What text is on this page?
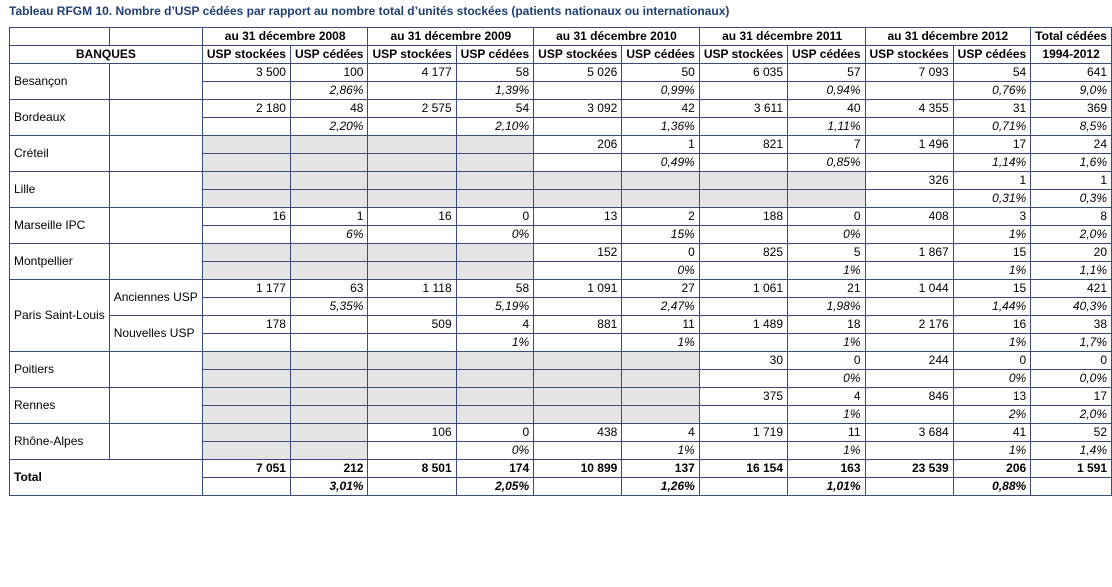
Tableau RFGM 10. Nombre d’USP cédées par rapport au nombre total d’unités stockées (patients nationaux ou internationaux)
		au 31 décembre 2008		au 31 décembre 2009		au 31 décembre 2010		au 31 décembre 2011		au 31 décembre 2012		Total cédées
BANQUES		USP stockées	USP cédées	USP stockées	USP cédées	USP stockées	USP cédées	USP stockées	USP cédées	USP stockées	USP cédées	1994-2012
Besançon		3 500	100	4 177	58	5 026	50	6 035	57	7 093	54	641
			2,86%		1,39%		0,99%		0,94%		0,76%	9,0%
Bordeaux		2 180	48	2 575	54	3 092	42	3 611	40	4 355	31	369
			2,20%		2,10%		1,36%		1,11%		0,71%	8,5%
Créteil						206	1	821	7	1 496	17	24
							0,49%		0,85%		1,14%	1,6%
Lille										326	1	1
											0,31%	0,3%
Marseille IPC		16	1	16	0	13	2	188	0	408	3	8
			6%		0%		15%		0%		1%	2,0%
Montpellier						152	0	825	5	1 867	15	20
							0%		1%		1%	1,1%
Paris Saint-Louis	Anciennes USP	1 177	63	1 118	58	1 091	27	1 061	21	1 044	15	421
			5,35%		5,19%		2,47%		1,98%		1,44%	40,3%
	Nouvelles USP	178		509	4	881	11	1 489	18	2 176	16	38
					1%		1%		1%		1%	1,7%
Poitiers								30	0	244	0	0
									0%		0%	0,0%
Rennes								375	4	846	13	17
									1%		2%	2,0%
Rhône-Alpes				106	0	438	4	1 719	11	3 684	41	52
					0%		1%		1%		1%	1,4%
Total		7 051	212	8 501	174	10 899	137	16 154	163	23 539	206	1 591
			3,01%		2,05%		1,26%		1,01%		0,88%	
